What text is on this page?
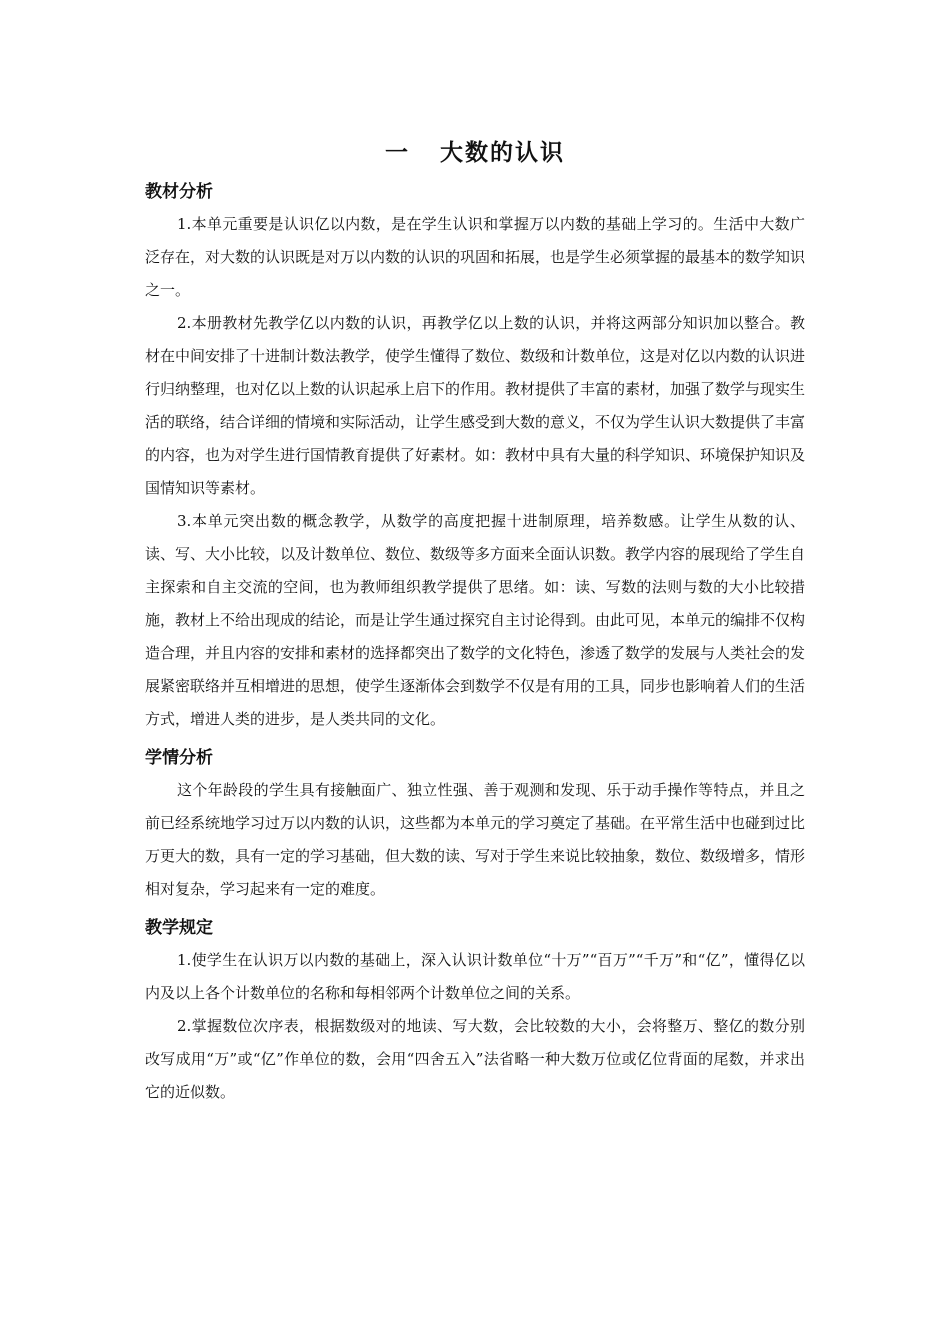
一 大数的认识
教材分析

1.本单元重要是认识亿以内数，是在学生认识和掌握万以内数的基础上学习的。生活中大数广泛存在，对大数的认识既是对万以内数的认识的巩固和拓展，也是学生必须掌握的最基本的数学知识之一。

2.本册教材先教学亿以内数的认识，再教学亿以上数的认识，并将这两部分知识加以整合。教材在中间安排了十进制计数法教学，使学生懂得了数位、数级和计数单位，这是对亿以内数的认识进行归纳整理，也对亿以上数的认识起承上启下的作用。教材提供了丰富的素材，加强了数学与现实生活的联络，结合详细的情境和实际活动，让学生感受到大数的意义，不仅为学生认识大数提供了丰富的内容，也为对学生进行国情教育提供了好素材。如：教材中具有大量的科学知识、环境保护知识及国情知识等素材。

3.本单元突出数的概念教学，从数学的高度把握十进制原理，培养数感。让学生从数的认、读、写、大小比较，以及计数单位、数位、数级等多方面来全面认识数。教学内容的展现给了学生自主探索和自主交流的空间，也为教师组织教学提供了思绪。如：读、写数的法则与数的大小比较措施，教材上不给出现成的结论，而是让学生通过探究自主讨论得到。由此可见，本单元的编排不仅构造合理，并且内容的安排和素材的选择都突出了数学的文化特色，渗透了数学的发展与人类社会的发展紧密联络并互相增进的思想，使学生逐渐体会到数学不仅是有用的工具，同步也影响着人们的生活方式，增进人类的进步，是人类共同的文化。

学情分析

这个年龄段的学生具有接触面广、独立性强、善于观测和发现、乐于动手操作等特点，并且之前已经系统地学习过万以内数的认识，这些都为本单元的学习奠定了基础。在平常生活中也碰到过比万更大的数，具有一定的学习基础，但大数的读、写对于学生来说比较抽象，数位、数级增多，情形相对复杂，学习起来有一定的难度。

教学规定

1.使学生在认识万以内数的基础上，深入认识计数单位“十万”“百万”“千万”和“亿”，懂得亿以内及以上各个计数单位的名称和每相邻两个计数单位之间的关系。

2.掌握数位次序表，根据数级对的地读、写大数，会比较数的大小，会将整万、整亿的数分别改写成用“万”或“亿”作单位的数，会用“四舍五入”法省略一种大数万位或亿位背面的尾数，并求出它的近似数。
